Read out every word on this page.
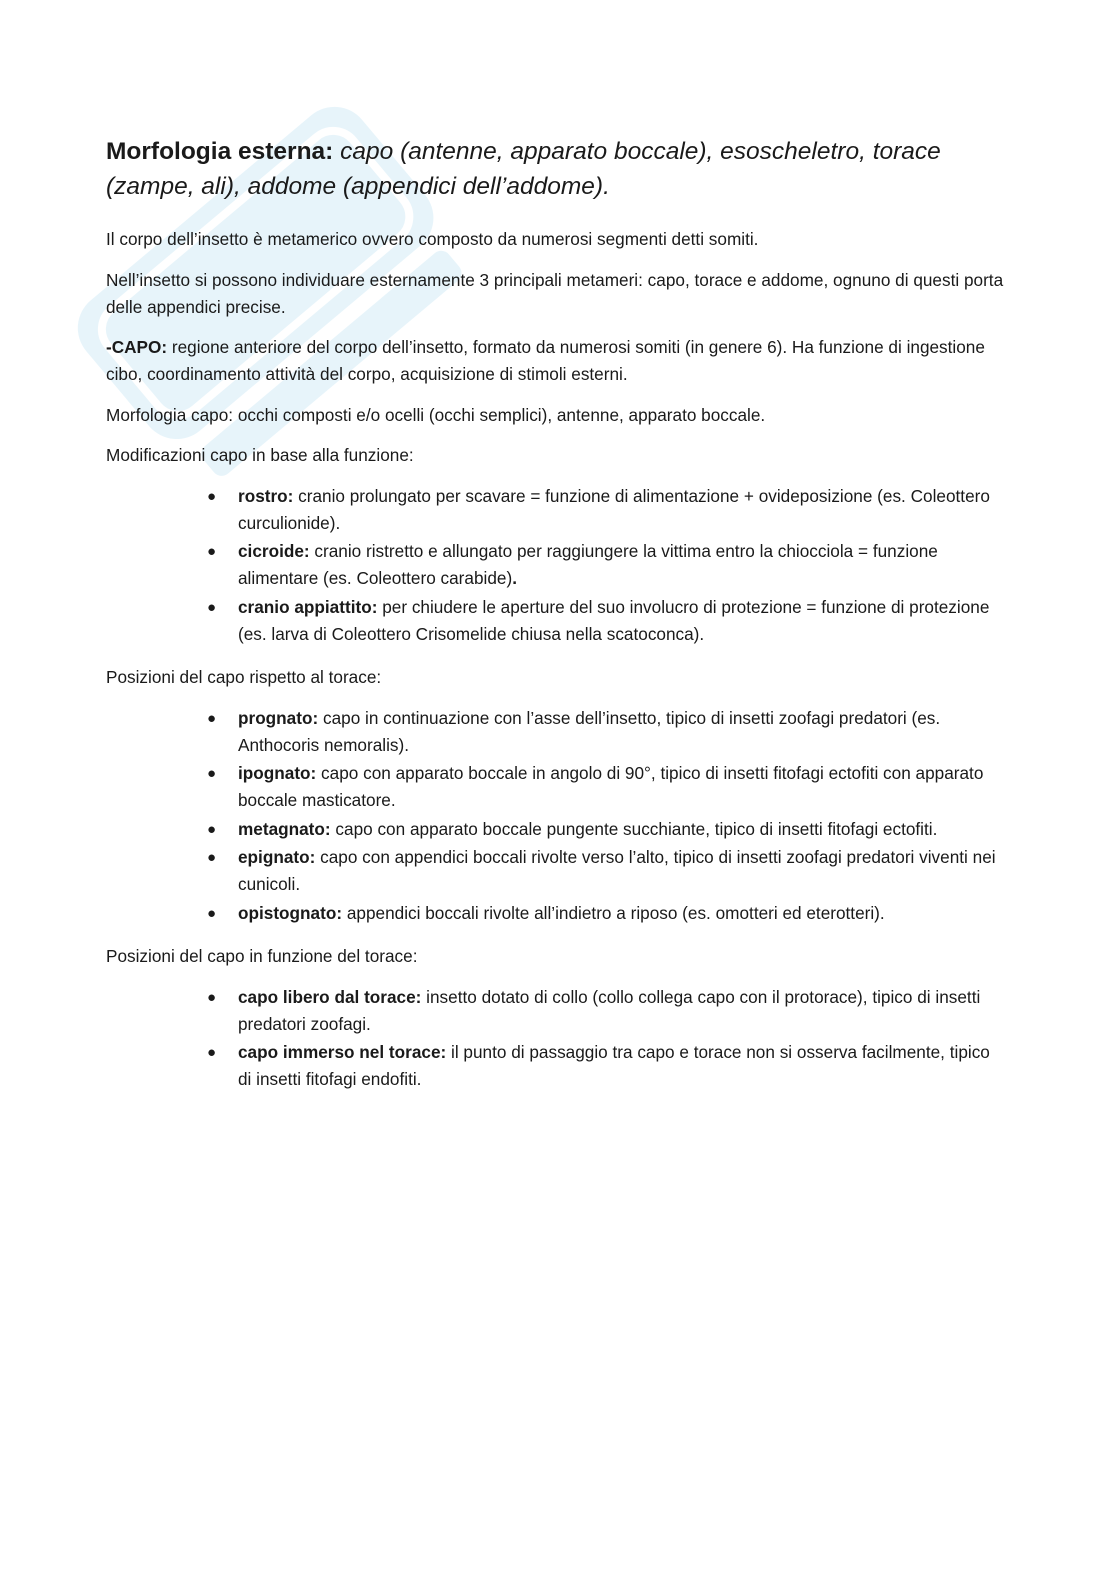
Morfologia esterna: capo (antenne, apparato boccale), esoscheletro, torace (zampe, ali), addome (appendici dell’addome).

Il corpo dell’insetto è metamerico ovvero composto da numerosi segmenti detti somiti.

Nell’insetto si possono individuare esternamente 3 principali metameri: capo, torace e addome, ognuno di questi porta delle appendici precise.

-CAPO: regione anteriore del corpo dell’insetto, formato da numerosi somiti (in genere 6). Ha funzione di ingestione cibo, coordinamento attività del corpo, acquisizione di stimoli esterni.

Morfologia capo: occhi composti e/o ocelli (occhi semplici), antenne, apparato boccale.

Modificazioni capo in base alla funzione:

● rostro: cranio prolungato per scavare = funzione di alimentazione + ovideposizione (es. Coleottero curculionide).
● cicroide: cranio ristretto e allungato per raggiungere la vittima entro la chiocciola = funzione alimentare (es. Coleottero carabide).
● cranio appiattito: per chiudere le aperture del suo involucro di protezione = funzione di protezione (es. larva di Coleottero Crisomelide chiusa nella scatoconca).

Posizioni del capo rispetto al torace:

● prognato: capo in continuazione con l’asse dell’insetto, tipico di insetti zoofagi predatori (es. Anthocoris nemoralis).
● ipognato: capo con apparato boccale in angolo di 90°, tipico di insetti fitofagi ectofiti con apparato boccale masticatore.
● metagnato: capo con apparato boccale pungente succhiante, tipico di insetti fitofagi ectofiti.
● epignato: capo con appendici boccali rivolte verso l’alto, tipico di insetti zoofagi predatori viventi nei cunicoli.
● opistognato: appendici boccali rivolte all’indietro a riposo (es. omotteri ed eterotteri).

Posizioni del capo in funzione del torace:

● capo libero dal torace: insetto dotato di collo (collo collega capo con il protorace), tipico di insetti predatori zoofagi.
● capo immerso nel torace: il punto di passaggio tra capo e torace non si osserva facilmente, tipico di insetti fitofagi endofiti.
